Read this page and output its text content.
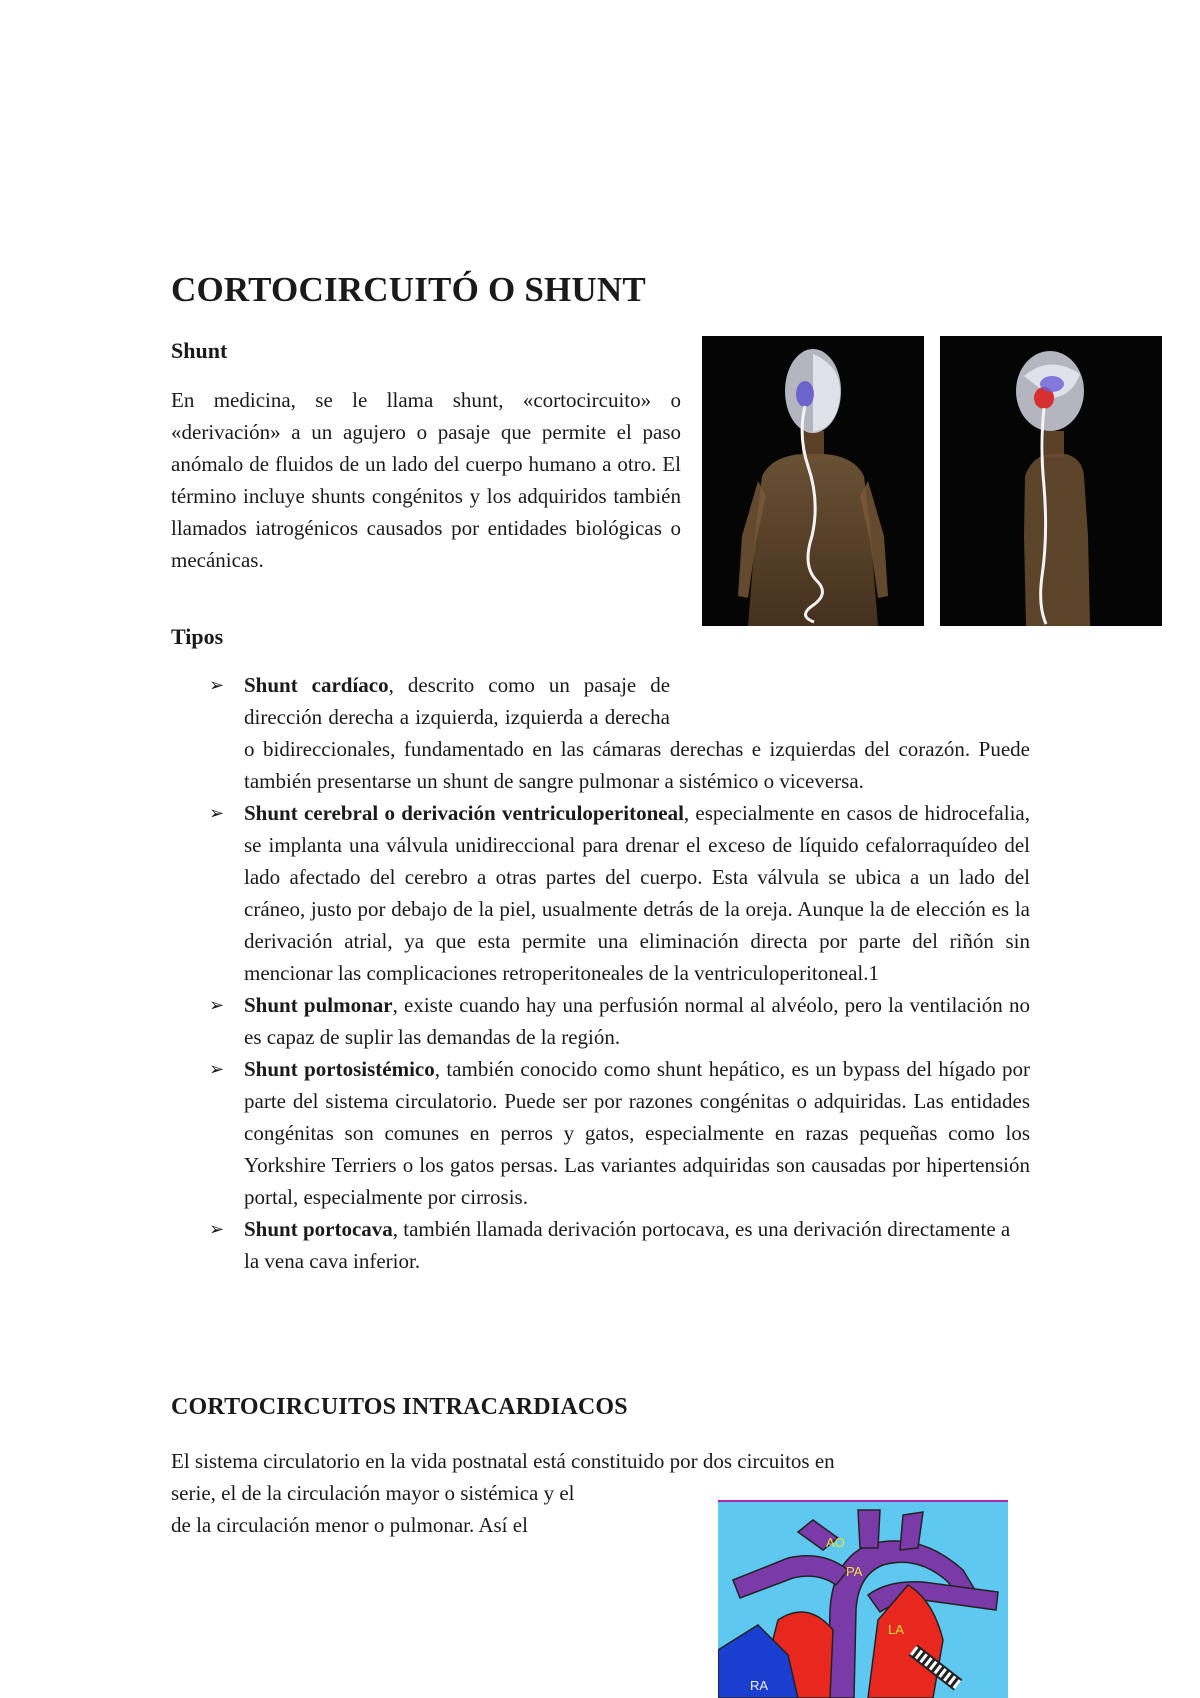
CORTOCIRCUITÓ O SHUNT

Shunt

En medicina, se le llama shunt, «cortocircuito» o «derivación» a un agujero o pasaje que permite el paso anómalo de fluidos de un lado del cuerpo humano a otro. El término incluye shunts congénitos y los adquiridos también llamados iatrogénicos causados por entidades biológicas o mecánicas.

Tipos

➢ Shunt cardíaco, descrito como un pasaje de dirección derecha a izquierda, izquierda a derecha o bidireccionales, fundamentado en las cámaras derechas e izquierdas del corazón. Puede también presentarse un shunt de sangre pulmonar a sistémico o viceversa.
➢ Shunt cerebral o derivación ventriculoperitoneal, especialmente en casos de hidrocefalia, se implanta una válvula unidireccional para drenar el exceso de líquido cefalorraquídeo del lado afectado del cerebro a otras partes del cuerpo. Esta válvula se ubica a un lado del cráneo, justo por debajo de la piel, usualmente detrás de la oreja. Aunque la de elección es la derivación atrial, ya que esta permite una eliminación directa por parte del riñón sin mencionar las complicaciones retroperitoneales de la ventriculoperitoneal.1
➢ Shunt pulmonar, existe cuando hay una perfusión normal al alvéolo, pero la ventilación no es capaz de suplir las demandas de la región.
➢ Shunt portosistémico, también conocido como shunt hepático, es un bypass del hígado por parte del sistema circulatorio. Puede ser por razones congénitas o adquiridas. Las entidades congénitas son comunes en perros y gatos, especialmente en razas pequeñas como los Yorkshire Terriers o los gatos persas. Las variantes adquiridas son causadas por hipertensión portal, especialmente por cirrosis.
➢ Shunt portocava, también llamada derivación portocava, es una derivación directamente a la vena cava inferior.

CORTOCIRCUITOS INTRACARDIACOS

El sistema circulatorio en la vida postnatal está constituido por dos circuitos en

serie, el de la circulación mayor o sistémica y el

de la circulación menor o pulmonar. Así el

AO
PA
LA
RA
